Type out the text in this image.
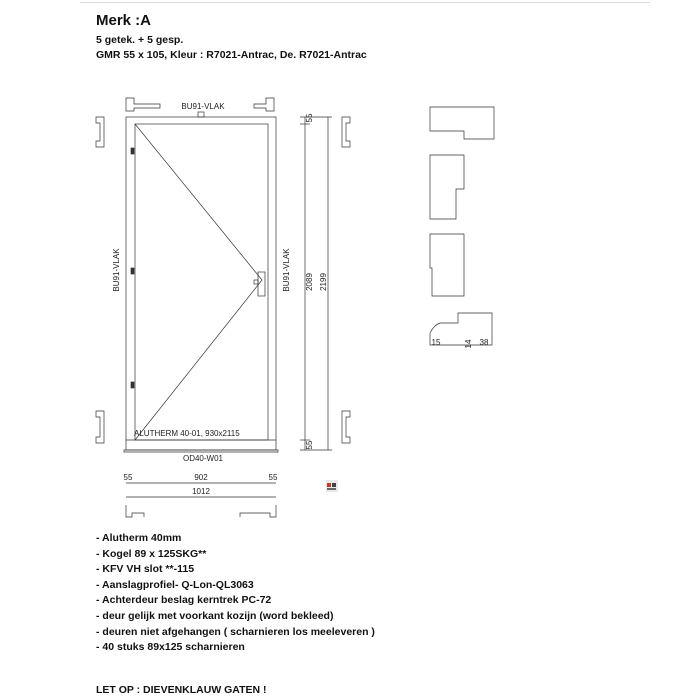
Merk :A
5 getek. + 5 gesp.
GMR 55 x 105, Kleur : R7021-Antrac, De. R7021-Antrac
BU91-VLAK
BU91-VLAK	BU91-VLAK
ALUTHERM 40-01, 930x2115
OD40-W01
55
2089 2199
55
55	902	55
1012
15	14 38
- Alutherm 40mm
- Kogel 89 x 125SKG**
- KFV VH slot **-115
- Aanslagprofiel- Q-Lon-QL3063
- Achterdeur beslag kerntrek PC-72
- deur gelijk met voorkant kozijn (word bekleed)
- deuren niet afgehangen ( scharnieren los meeleveren )
- 40 stuks 89x125 scharnieren
LET OP : DIEVENKLAUW GATEN !
